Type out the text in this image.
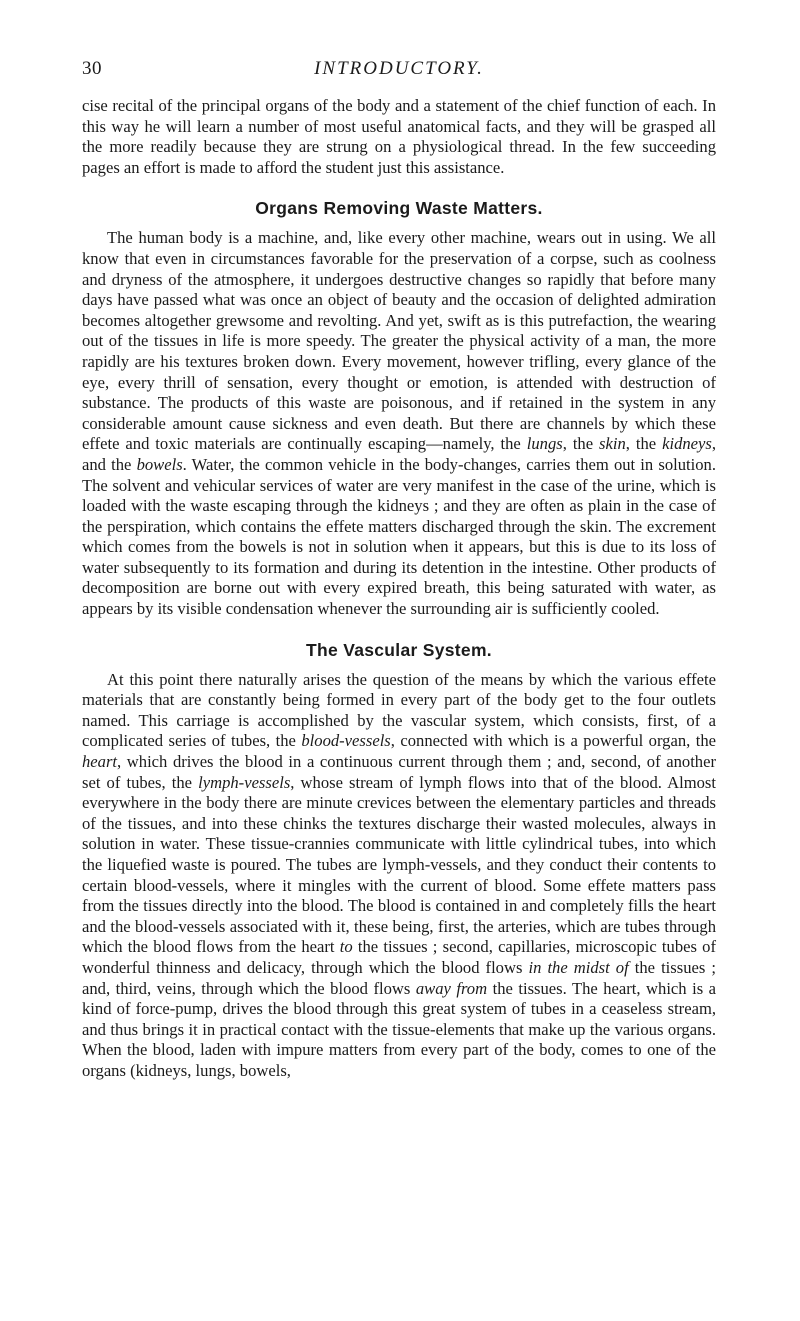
30	INTRODUCTORY.

cise recital of the principal organs of the body and a statement of the chief function of each. In this way he will learn a number of most useful anatomical facts, and they will be grasped all the more readily because they are strung on a physiological thread. In the few succeeding pages an effort is made to afford the student just this assistance.

Organs Removing Waste Matters.

The human body is a machine, and, like every other machine, wears out in using. We all know that even in circumstances favorable for the preservation of a corpse, such as coolness and dryness of the atmosphere, it undergoes destructive changes so rapidly that before many days have passed what was once an object of beauty and the occasion of delighted admiration becomes altogether grewsome and revolting. And yet, swift as is this putrefaction, the wearing out of the tissues in life is more speedy. The greater the physical activity of a man, the more rapidly are his textures broken down. Every movement, however trifling, every glance of the eye, every thrill of sensation, every thought or emotion, is attended with destruction of substance. The products of this waste are poisonous, and if retained in the system in any considerable amount cause sickness and even death. But there are channels by which these effete and toxic materials are continually escaping—namely, the lungs, the skin, the kidneys, and the bowels. Water, the common vehicle in the body-changes, carries them out in solution. The solvent and vehicular services of water are very manifest in the case of the urine, which is loaded with the waste escaping through the kidneys ; and they are often as plain in the case of the perspiration, which contains the effete matters discharged through the skin. The excrement which comes from the bowels is not in solution when it appears, but this is due to its loss of water subsequently to its formation and during its detention in the intestine. Other products of decomposition are borne out with every expired breath, this being saturated with water, as appears by its visible condensation whenever the surrounding air is sufficiently cooled.

The Vascular System.

At this point there naturally arises the question of the means by which the various effete materials that are constantly being formed in every part of the body get to the four outlets named. This carriage is accomplished by the vascular system, which consists, first, of a complicated series of tubes, the blood-vessels, connected with which is a powerful organ, the heart, which drives the blood in a continuous current through them ; and, second, of another set of tubes, the lymph-vessels, whose stream of lymph flows into that of the blood. Almost everywhere in the body there are minute crevices between the elementary particles and threads of the tissues, and into these chinks the textures discharge their wasted molecules, always in solution in water. These tissue-crannies communicate with little cylindrical tubes, into which the liquefied waste is poured. The tubes are lymph-vessels, and they conduct their contents to certain blood-vessels, where it mingles with the current of blood. Some effete matters pass from the tissues directly into the blood. The blood is contained in and completely fills the heart and the blood-vessels associated with it, these being, first, the arteries, which are tubes through which the blood flows from the heart to the tissues ; second, capillaries, microscopic tubes of wonderful thinness and delicacy, through which the blood flows in the midst of the tissues ; and, third, veins, through which the blood flows away from the tissues. The heart, which is a kind of force-pump, drives the blood through this great system of tubes in a ceaseless stream, and thus brings it in practical contact with the tissue-elements that make up the various organs. When the blood, laden with impure matters from every part of the body, comes to one of the organs (kidneys, lungs, bowels,
